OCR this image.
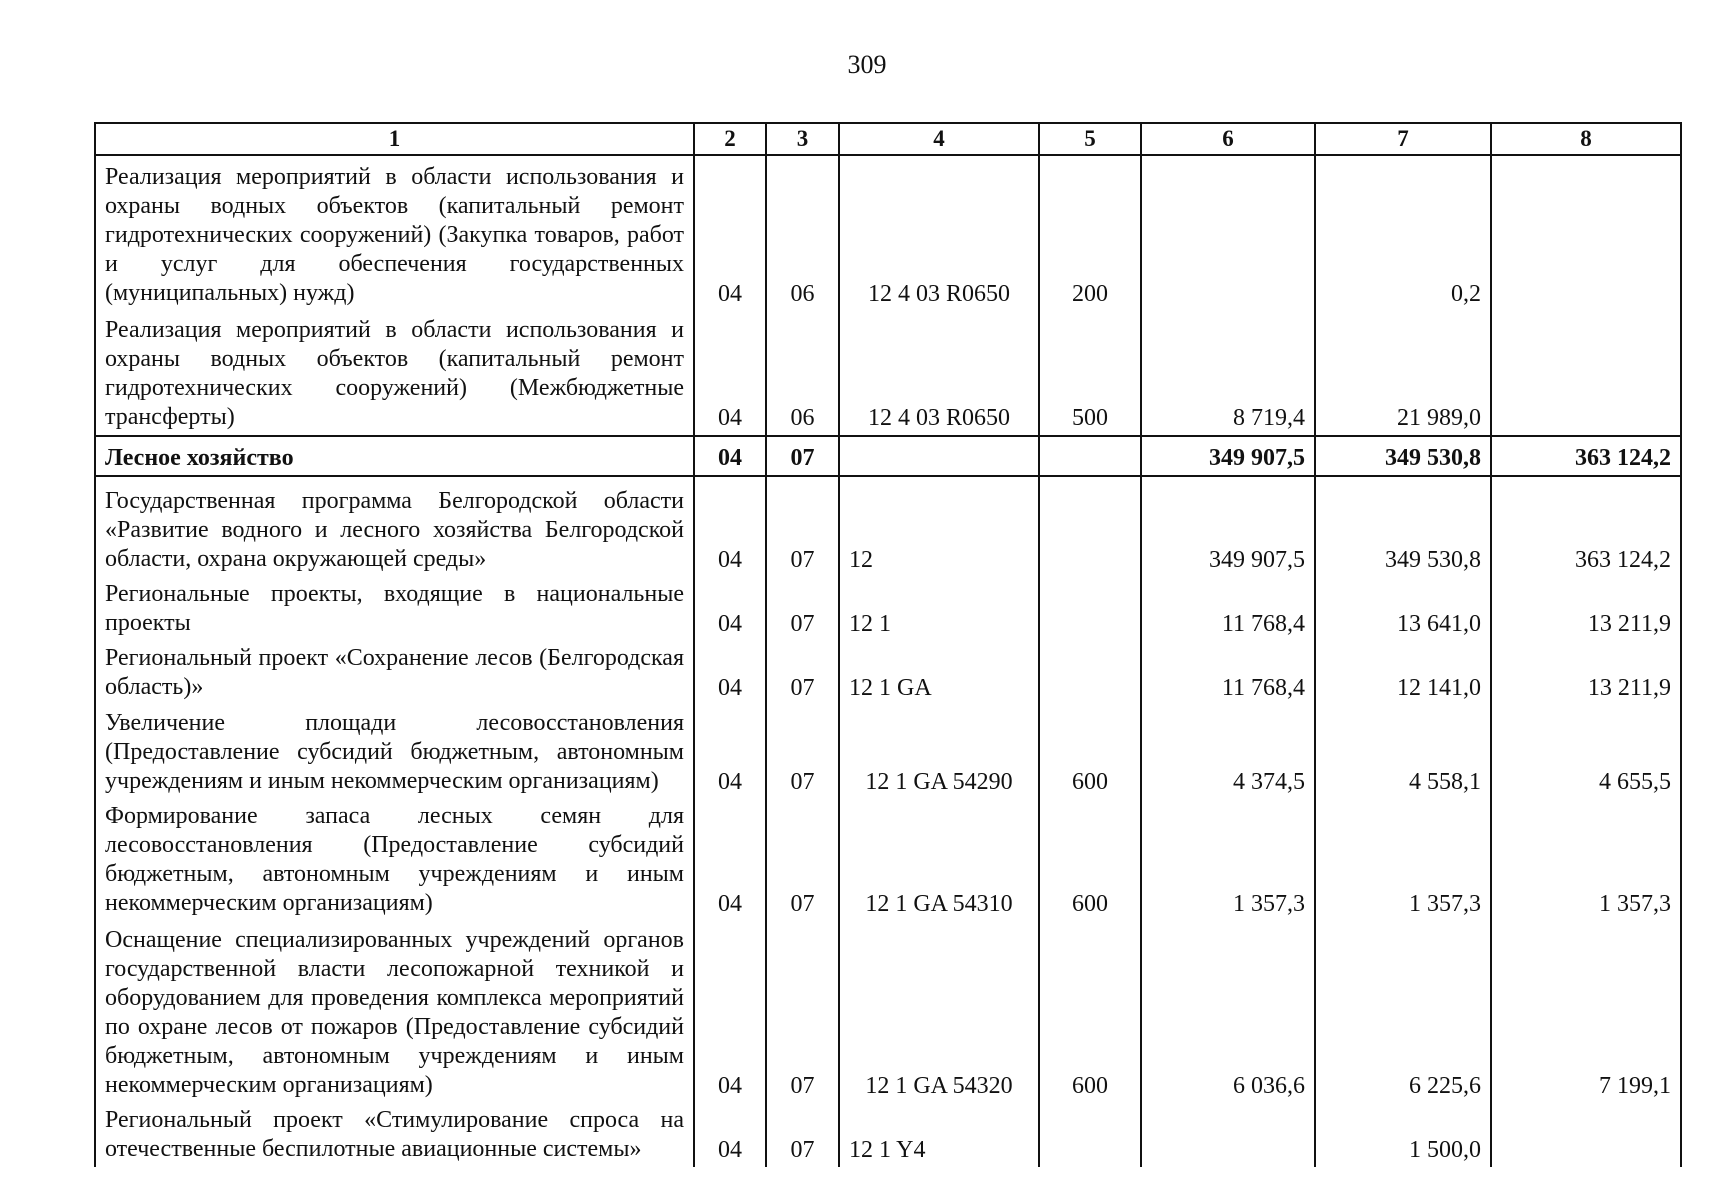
309
1	2	3	4	5	6	7	8
Реализация мероприятий в области использования и охраны водных объектов (капитальный ремонт гидротехнических сооружений) (Закупка товаров, работ и услуг для обеспечения государственных (муниципальных) нужд)	04	06	12 4 03 R0650	200		0,2	
Реализация мероприятий в области использования и охраны водных объектов (капитальный ремонт гидротехнических сооружений) (Межбюджетные трансферты)	04	06	12 4 03 R0650	500	8 719,4	21 989,0	
Лесное хозяйство	04	07			349 907,5	349 530,8	363 124,2
Государственная программа Белгородской области «Развитие водного и лесного хозяйства Белгородской области, охрана окружающей среды»	04	07	12		349 907,5	349 530,8	363 124,2
Региональные проекты, входящие в национальные проекты	04	07	12 1		11 768,4	13 641,0	13 211,9
Региональный проект «Сохранение лесов (Белгородская область)»	04	07	12 1 GA		11 768,4	12 141,0	13 211,9
Увеличение площади лесовосстановления (Предоставление субсидий бюджетным, автономным учреждениям и иным некоммерческим организациям)	04	07	12 1 GA 54290	600	4 374,5	4 558,1	4 655,5
Формирование запаса лесных семян для лесовосстановления (Предоставление субсидий бюджетным, автономным учреждениям и иным некоммерческим организациям)	04	07	12 1 GA 54310	600	1 357,3	1 357,3	1 357,3
Оснащение специализированных учреждений органов государственной власти лесопожарной техникой и оборудованием для проведения комплекса мероприятий по охране лесов от пожаров (Предоставление субсидий бюджетным, автономным учреждениям и иным некоммерческим организациям)	04	07	12 1 GA 54320	600	6 036,6	6 225,6	7 199,1
Региональный проект «Стимулирование спроса на отечественные беспилотные авиационные системы»	04	07	12 1 Y4			1 500,0	
